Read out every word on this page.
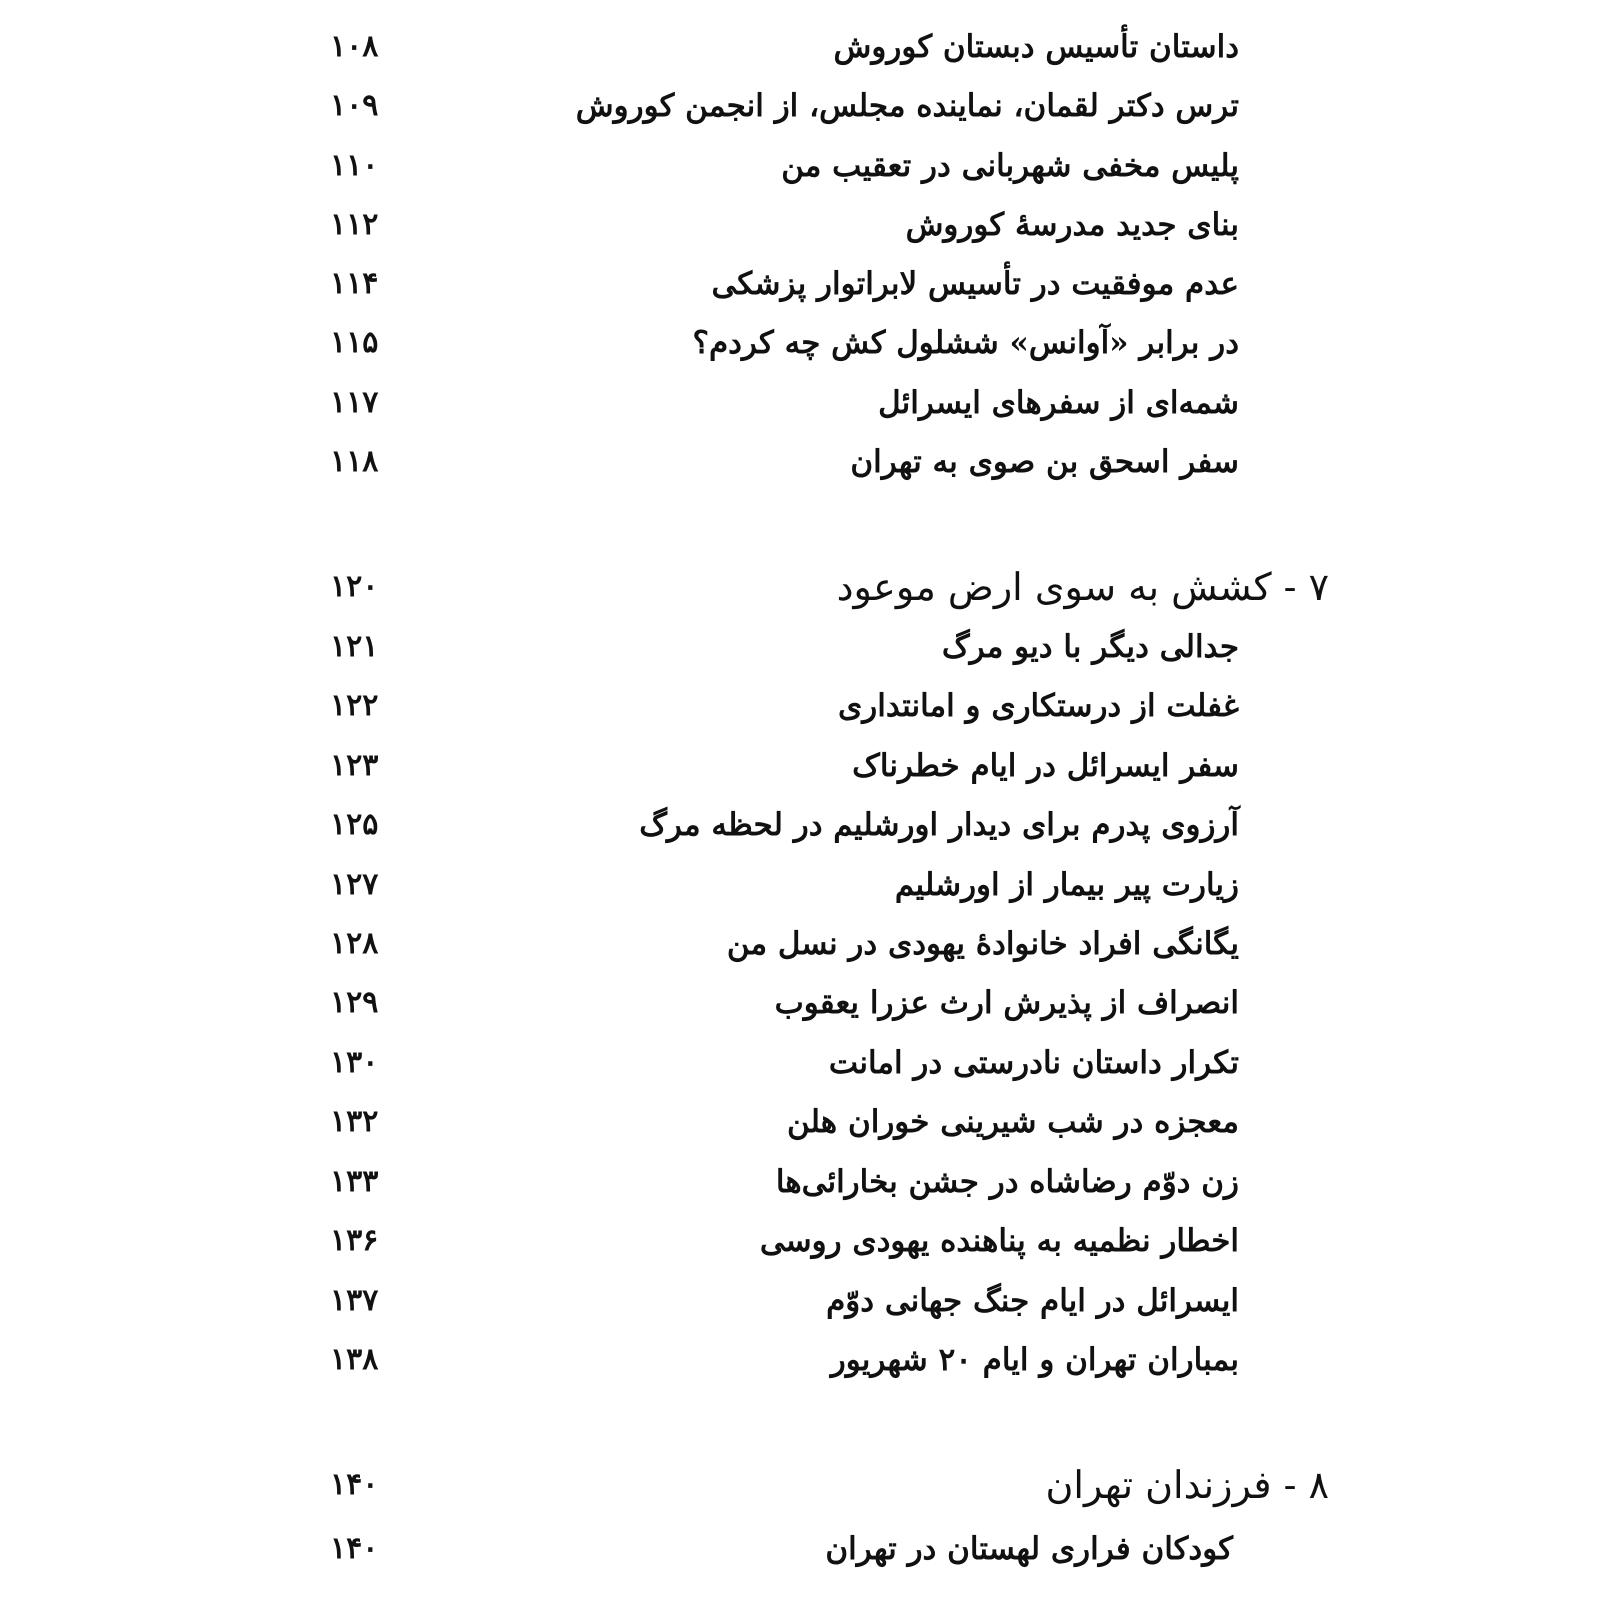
داستان تأسیس دبستان کوروش
۱۰۸
ترس دکتر لقمان، نماینده مجلس، از انجمن کوروش
۱۰۹
پلیس مخفی شهربانی در تعقیب من
۱۱۰
بنای جدید مدرسهٔ کوروش
۱۱۲
عدم موفقیت در تأسیس لابراتوار پزشکی
۱۱۴
در برابر «آوانس» ششلول کش چه کردم؟
۱۱۵
شمه‌ای از سفرهای ایسرائل
۱۱۷
سفر اسحق بن صوی به تهران
۱۱۸
۷ - کشش به سوی ارض موعود
۱۲۰
جدالی دیگر با دیو مرگ
۱۲۱
غفلت از درستکاری و امانتداری
۱۲۲
سفر ایسرائل در ایام خطرناک
۱۲۳
آرزوی پدرم برای دیدار اورشلیم در لحظه مرگ
۱۲۵
زیارت پیر بیمار از اورشلیم
۱۲۷
یگانگی افراد خانوادهٔ یهودی در نسل من
۱۲۸
انصراف از پذیرش ارث عزرا یعقوب
۱۲۹
تکرار داستان نادرستی در امانت
۱۳۰
معجزه در شب شیرینی خوران هلن
۱۳۲
زن دوّم رضاشاه در جشن بخارائی‌ها
۱۳۳
اخطار نظمیه به پناهنده یهودی روسی
۱۳۶
ایسرائل در ایام جنگ جهانی دوّم
۱۳۷
بمباران تهران و ایام ۲۰ شهریور
۱۳۸
۸ - فرزندان تهران
۱۴۰
کودکان فراری لهستان در تهران
۱۴۰
